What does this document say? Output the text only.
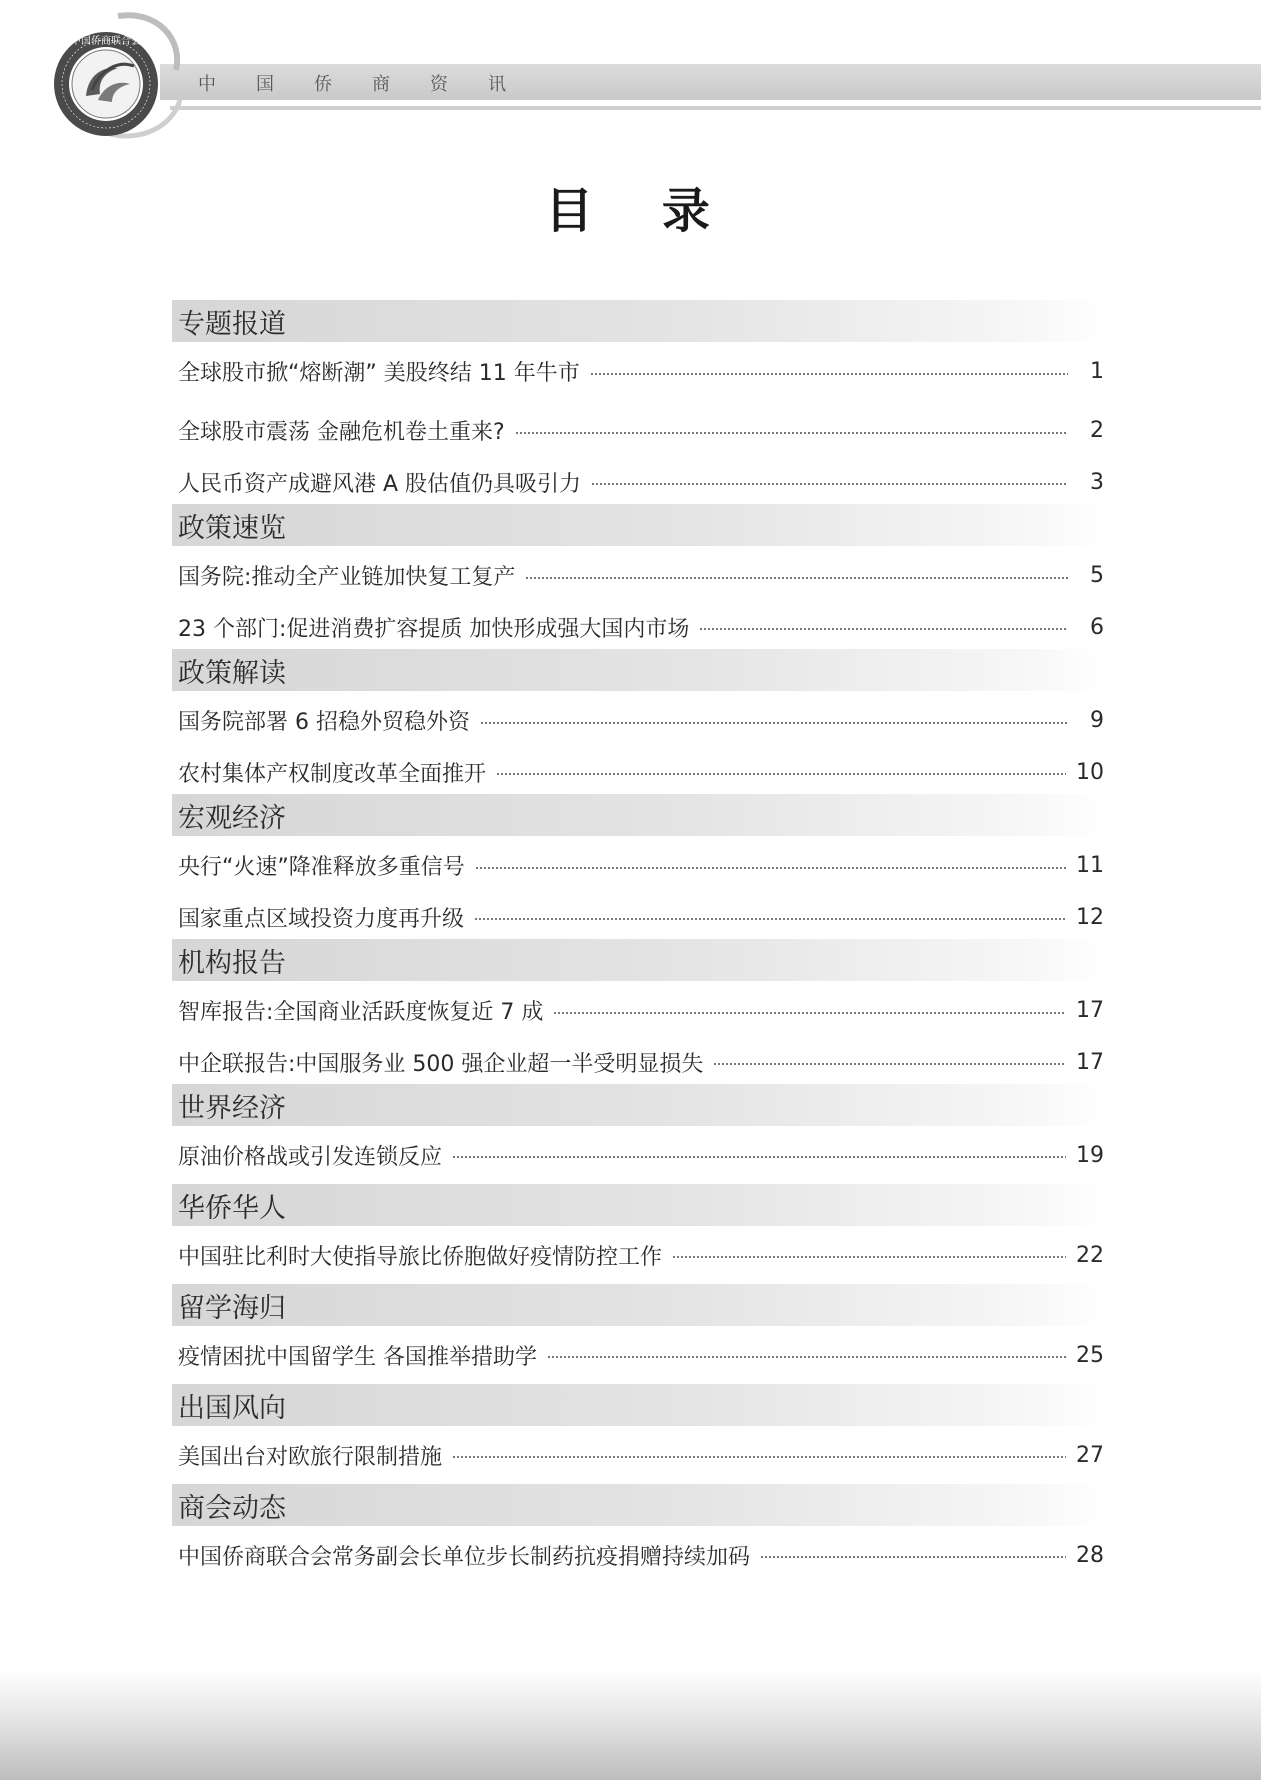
中 国 侨 商 资 讯
中国侨商联合会
目 录
专题报道
全球股市掀“熔断潮” 美股终结 11 年牛市	1
全球股市震荡 金融危机卷土重来?	2
人民币资产成避风港 A 股估值仍具吸引力	3
政策速览
国务院:推动全产业链加快复工复产	5
23 个部门:促进消费扩容提质 加快形成强大国内市场	6
政策解读
国务院部署 6 招稳外贸稳外资	9
农村集体产权制度改革全面推开	10
宏观经济
央行“火速”降准释放多重信号	11
国家重点区域投资力度再升级	12
机构报告
智库报告:全国商业活跃度恢复近 7 成	17
中企联报告:中国服务业 500 强企业超一半受明显损失	17
世界经济
原油价格战或引发连锁反应	19
华侨华人
中国驻比利时大使指导旅比侨胞做好疫情防控工作	22
留学海归
疫情困扰中国留学生 各国推举措助学	25
出国风向
美国出台对欧旅行限制措施	27
商会动态
中国侨商联合会常务副会长单位步长制药抗疫捐赠持续加码	28
